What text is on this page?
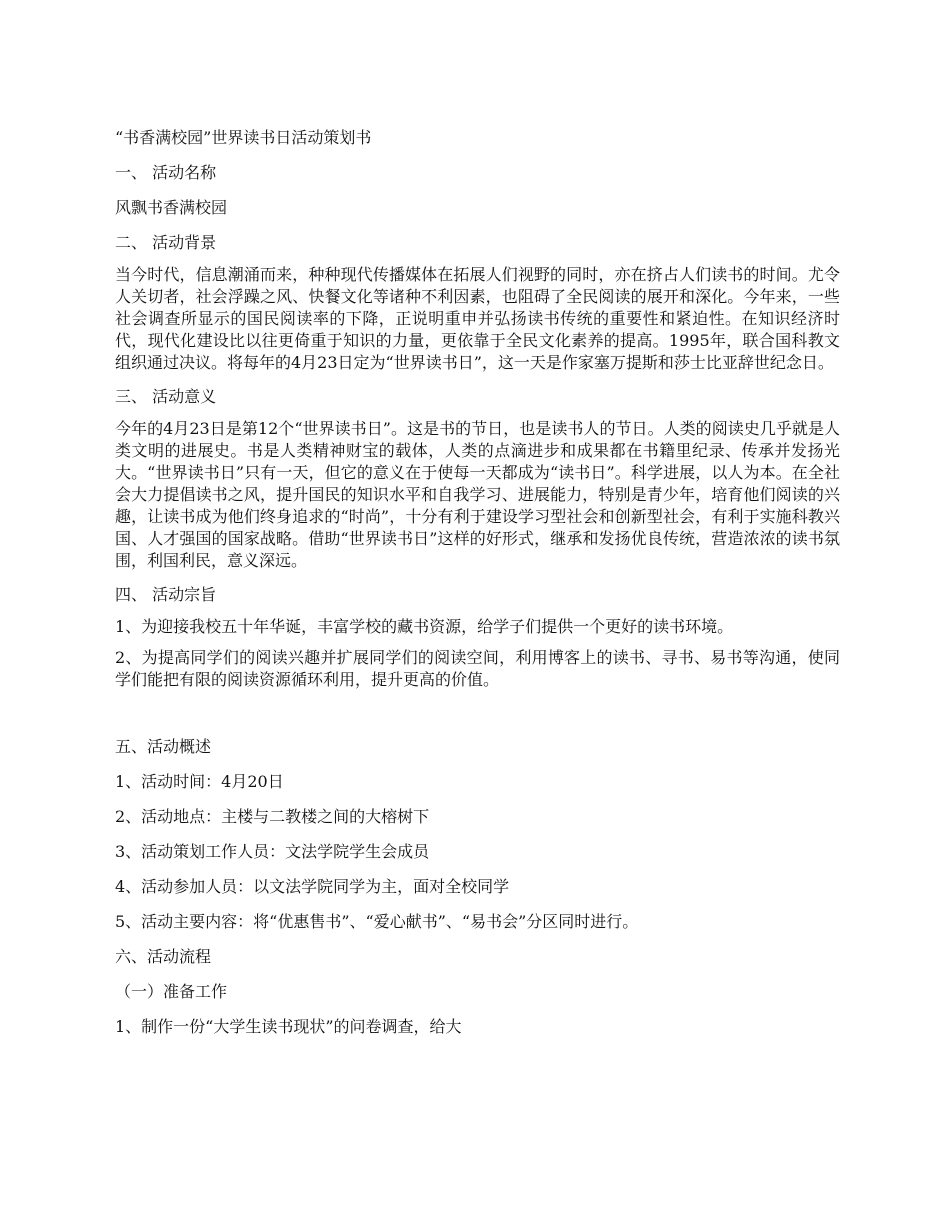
“书香满校园”世界读书日活动策划书
一、 活动名称
风飘书香满校园
二、 活动背景
当今时代，信息潮涌而来，种种现代传播媒体在拓展人们视野的同时，亦在挤占人们读书的时间。尤令人关切者，社会浮躁之风、快餐文化等诸种不利因素，也阻碍了全民阅读的展开和深化。今年来，一些社会调查所显示的国民阅读率的下降，正说明重申并弘扬读书传统的重要性和紧迫性。在知识经济时代，现代化建设比以往更倚重于知识的力量，更依靠于全民文化素养的提高。1995年，联合国科教文组织通过决议。将每年的4月23日定为“世界读书日”，这一天是作家塞万提斯和莎士比亚辞世纪念日。
三、 活动意义
今年的4月23日是第12个“世界读书日”。这是书的节日，也是读书人的节日。人类的阅读史几乎就是人类文明的进展史。书是人类精神财宝的载体，人类的点滴进步和成果都在书籍里纪录、传承并发扬光大。“世界读书日”只有一天，但它的意义在于使每一天都成为“读书日”。科学进展，以人为本。在全社会大力提倡读书之风，提升国民的知识水平和自我学习、进展能力，特别是青少年，培育他们阅读的兴趣，让读书成为他们终身追求的“时尚”，十分有利于建设学习型社会和创新型社会，有利于实施科教兴国、人才强国的国家战略。借助“世界读书日”这样的好形式，继承和发扬优良传统，营造浓浓的读书氛围，利国利民，意义深远。
四、 活动宗旨
1、为迎接我校五十年华诞，丰富学校的藏书资源，给学子们提供一个更好的读书环境。
2、为提高同学们的阅读兴趣并扩展同学们的阅读空间，利用博客上的读书、寻书、易书等沟通，使同学们能把有限的阅读资源循环利用，提升更高的价值。
五、活动概述
1、活动时间：4月20日
2、活动地点：主楼与二教楼之间的大榕树下
3、活动策划工作人员：文法学院学生会成员
4、活动参加人员：以文法学院同学为主，面对全校同学
5、活动主要内容：将“优惠售书”、“爱心献书”、“易书会”分区同时进行。
六、活动流程
（一）准备工作
1、制作一份“大学生读书现状”的问卷调查，给大
